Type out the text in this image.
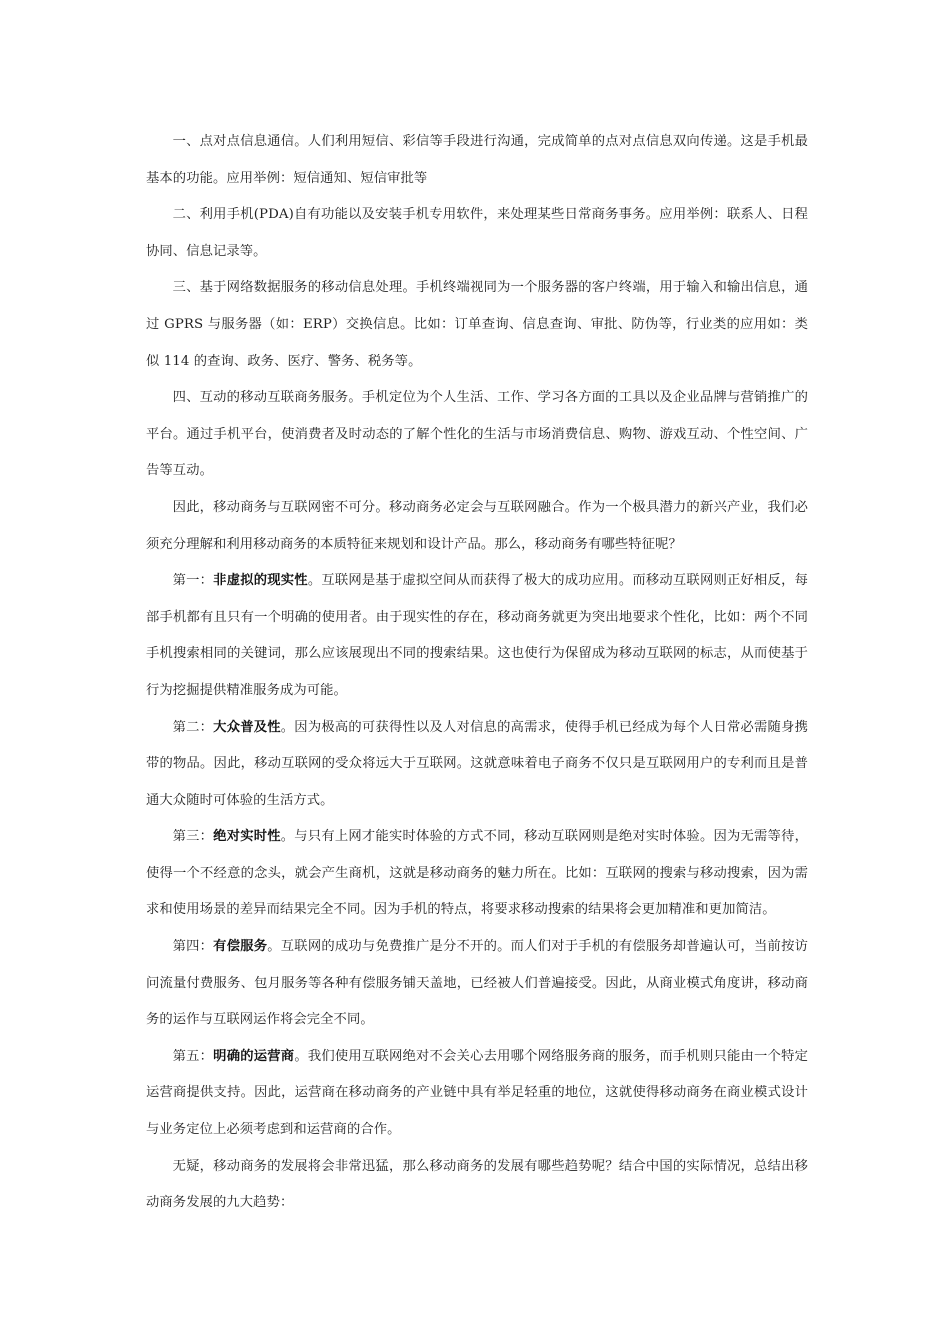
一、点对点信息通信。人们利用短信、彩信等手段进行沟通，完成简单的点对点信息双向传递。这是手机最基本的功能。应用举例：短信通知、短信审批等

二、利用手机(PDA)自有功能以及安装手机专用软件，来处理某些日常商务事务。应用举例：联系人、日程协同、信息记录等。

三、基于网络数据服务的移动信息处理。手机终端视同为一个服务器的客户终端，用于输入和输出信息，通过 GPRS 与服务器（如：ERP）交换信息。比如：订单查询、信息查询、审批、防伪等，行业类的应用如：类似 114 的查询、政务、医疗、警务、税务等。

四、互动的移动互联商务服务。手机定位为个人生活、工作、学习各方面的工具以及企业品牌与营销推广的平台。通过手机平台，使消费者及时动态的了解个性化的生活与市场消费信息、购物、游戏互动、个性空间、广告等互动。

因此，移动商务与互联网密不可分。移动商务必定会与互联网融合。作为一个极具潜力的新兴产业，我们必须充分理解和利用移动商务的本质特征来规划和设计产品。那么，移动商务有哪些特征呢？

第一：非虚拟的现实性。互联网是基于虚拟空间从而获得了极大的成功应用。而移动互联网则正好相反，每部手机都有且只有一个明确的使用者。由于现实性的存在，移动商务就更为突出地要求个性化，比如：两个不同手机搜索相同的关键词，那么应该展现出不同的搜索结果。这也使行为保留成为移动互联网的标志，从而使基于行为挖掘提供精准服务成为可能。

第二：大众普及性。因为极高的可获得性以及人对信息的高需求，使得手机已经成为每个人日常必需随身携带的物品。因此，移动互联网的受众将远大于互联网。这就意味着电子商务不仅只是互联网用户的专利而且是普通大众随时可体验的生活方式。

第三：绝对实时性。与只有上网才能实时体验的方式不同，移动互联网则是绝对实时体验。因为无需等待，使得一个不经意的念头，就会产生商机，这就是移动商务的魅力所在。比如：互联网的搜索与移动搜索，因为需求和使用场景的差异而结果完全不同。因为手机的特点，将要求移动搜索的结果将会更加精准和更加简洁。

第四：有偿服务。互联网的成功与免费推广是分不开的。而人们对于手机的有偿服务却普遍认可，当前按访问流量付费服务、包月服务等各种有偿服务铺天盖地，已经被人们普遍接受。因此，从商业模式角度讲，移动商务的运作与互联网运作将会完全不同。

第五：明确的运营商。我们使用互联网绝对不会关心去用哪个网络服务商的服务，而手机则只能由一个特定运营商提供支持。因此，运营商在移动商务的产业链中具有举足轻重的地位，这就使得移动商务在商业模式设计与业务定位上必须考虑到和运营商的合作。

无疑，移动商务的发展将会非常迅猛，那么移动商务的发展有哪些趋势呢？结合中国的实际情况，总结出移动商务发展的九大趋势：
